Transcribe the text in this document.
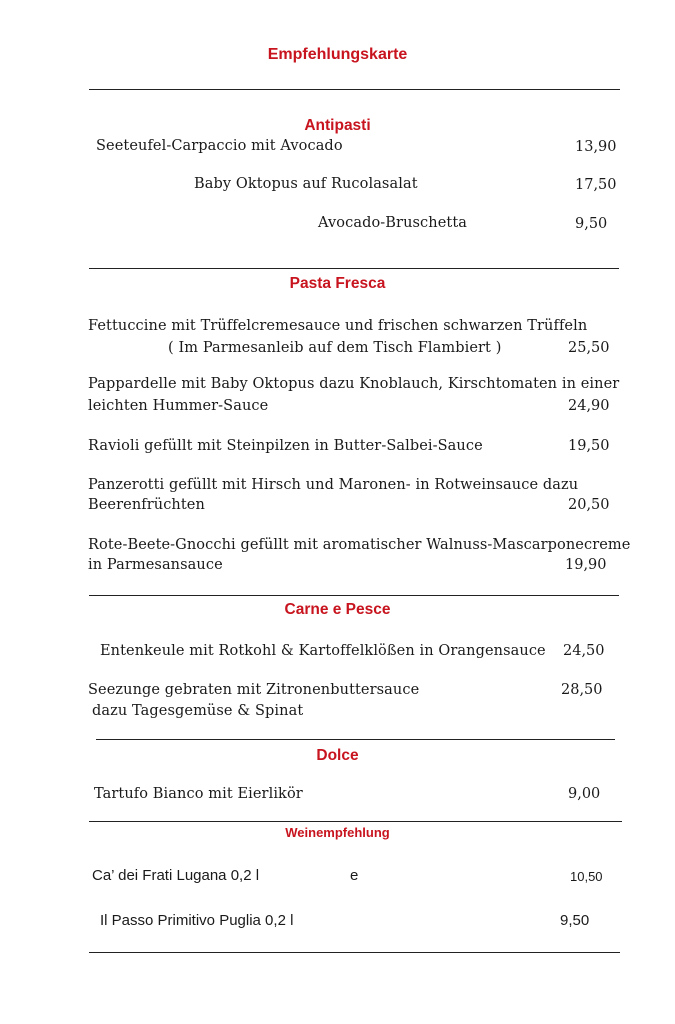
Empfehlungskarte
Antipasti
Seeteufel-Carpaccio mit Avocado	13,90
Baby Oktopus auf Rucolasalat	17,50
Avocado-Bruschetta	9,50
Pasta Fresca
Fettuccine mit Trüffelcremesauce und frischen schwarzen Trüffeln
( Im Parmesanleib auf dem Tisch Flambiert )	25,50
Pappardelle mit Baby Oktopus dazu Knoblauch, Kirschtomaten in einer
leichten Hummer-Sauce	24,90
Ravioli gefüllt mit Steinpilzen in Butter-Salbei-Sauce	19,50
Panzerotti gefüllt mit Hirsch und Maronen- in Rotweinsauce dazu
Beerenfrüchten	20,50
Rote-Beete-Gnocchi gefüllt mit aromatischer Walnuss-Mascarponecreme
in Parmesansauce	19,90
Carne e Pesce
Entenkeule mit Rotkohl & Kartoffelklößen in Orangensauce 24,50
Seezunge gebraten mit Zitronenbuttersauce	28,50
dazu Tagesgemüse & Spinat
Dolce
Tartufo Bianco mit Eierlikör	9,00
Weinempfehlung
Ca’ dei Frati Lugana 0,2 l	e	10,50
Il Passo Primitivo Puglia 0,2 l	9,50
